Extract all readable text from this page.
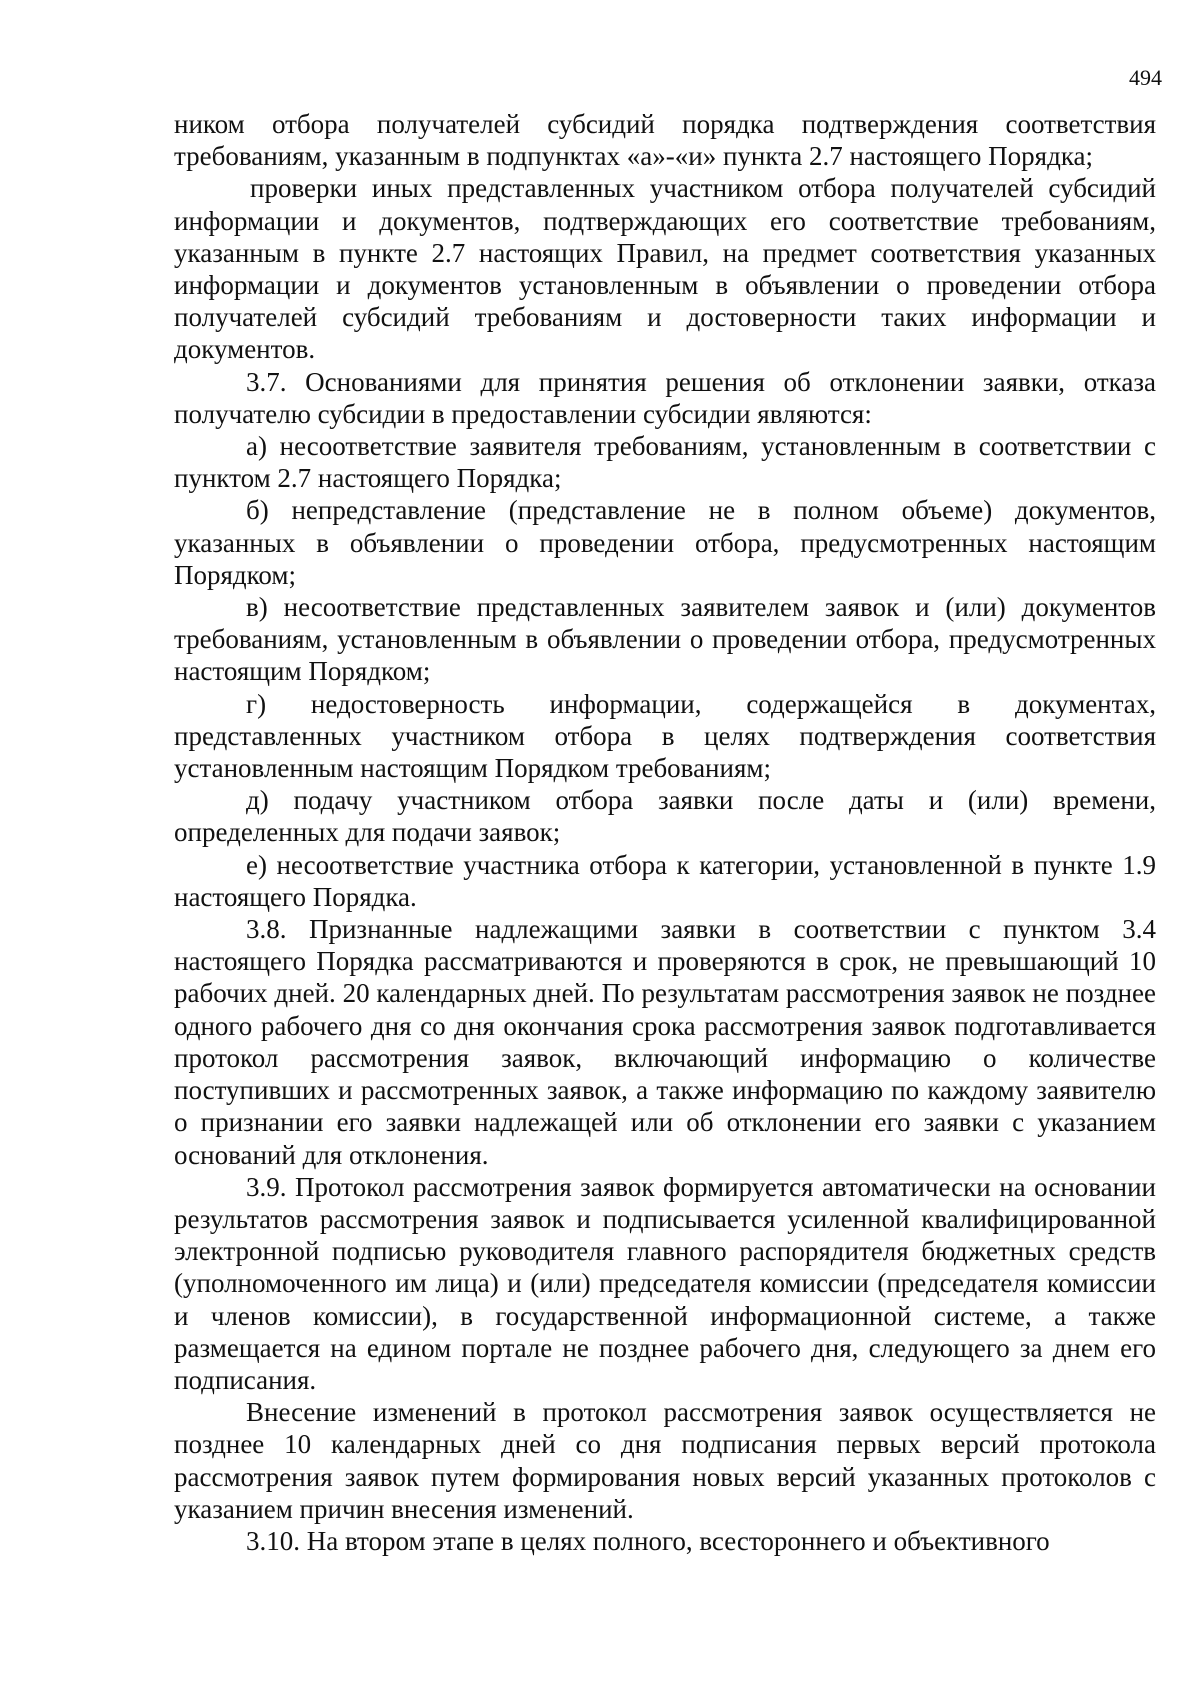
494

ником отбора получателей субсидий порядка подтверждения соответствия требованиям, указанным в подпунктах «а»-«и» пункта 2.7 настоящего Порядка;

проверки иных представленных участником отбора получателей субсидий информации и документов, подтверждающих его соответствие требованиям, указанным в пункте 2.7 настоящих Правил, на предмет соответствия указанных информации и документов установленным в объявлении о проведении отбора получателей субсидий требованиям и достоверности таких информации и документов.

3.7. Основаниями для принятия решения об отклонении заявки, отказа получателю субсидии в предоставлении субсидии являются:

а) несоответствие заявителя требованиям, установленным в соответствии с пунктом 2.7 настоящего Порядка;

б) непредставление (представление не в полном объеме) документов, указанных в объявлении о проведении отбора, предусмотренных настоящим Порядком;

в) несоответствие представленных заявителем заявок и (или) документов требованиям, установленным в объявлении о проведении отбора, предусмотренных настоящим Порядком;

г) недостоверность информации, содержащейся в документах, представленных участником отбора в целях подтверждения соответствия установленным настоящим Порядком требованиям;

д) подачу участником отбора заявки после даты и (или) времени, определенных для подачи заявок;

е) несоответствие участника отбора к категории, установленной в пункте 1.9 настоящего Порядка.

3.8. Признанные надлежащими заявки в соответствии с пунктом 3.4 настоящего Порядка рассматриваются и проверяются в срок, не превышающий 10 рабочих дней. 20 календарных дней. По результатам рассмотрения заявок не позднее одного рабочего дня со дня окончания срока рассмотрения заявок подготавливается протокол рассмотрения заявок, включающий информацию о количестве поступивших и рассмотренных заявок, а также информацию по каждому заявителю о признании его заявки надлежащей или об отклонении его заявки с указанием оснований для отклонения.

3.9. Протокол рассмотрения заявок формируется автоматически на основании результатов рассмотрения заявок и подписывается усиленной квалифицированной электронной подписью руководителя главного распорядителя бюджетных средств (уполномоченного им лица) и (или) председателя комиссии (председателя комиссии и членов комиссии), в государственной информационной системе, а также размещается на едином портале не позднее рабочего дня, следующего за днем его подписания.

Внесение изменений в протокол рассмотрения заявок осуществляется не позднее 10 календарных дней со дня подписания первых версий протокола рассмотрения заявок путем формирования новых версий указанных протоколов с указанием причин внесения изменений.

3.10. На втором этапе в целях полного, всестороннего и объективного
